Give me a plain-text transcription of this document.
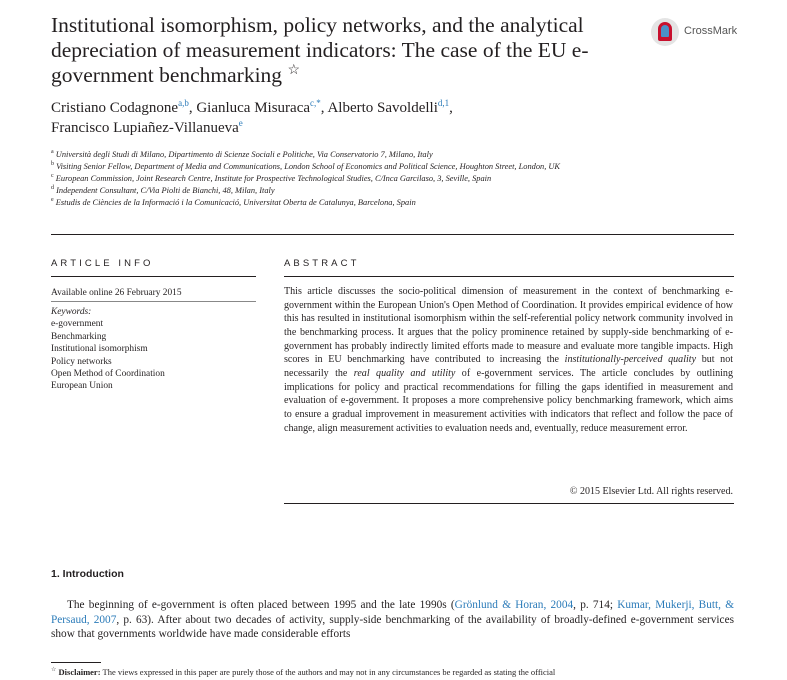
Institutional isomorphism, policy networks, and the analytical depreciation of measurement indicators: The case of the EU e-government benchmarking ☆
CrossMark
Cristiano Codagnone$^{a,b}$, Gianluca Misuraca$^{c,*}$, Alberto Savoldelli$^{d,1}$,
Francisco Lupiañez-Villanueva$^e$
$^a$ Università degli Studi di Milano, Dipartimento di Scienze Sociali e Politiche, Via Conservatorio 7, Milano, Italy
$^b$ Visiting Senior Fellow, Department of Media and Communications, London School of Economics and Political Science, Houghton Street, London, UK
$^c$ European Commission, Joint Research Centre, Institute for Prospective Technological Studies, C/Inca Garcilaso, 3, Seville, Spain
$^d$ Independent Consultant, C/Via Piolti de Bianchi, 48, Milan, Italy
$^e$ Estudis de Ciències de la Informació i la Comunicació, Universitat Oberta de Catalunya, Barcelona, Spain
ARTICLE INFO
Available online 26 February 2015
Keywords:
e-government
Benchmarking
Institutional isomorphism
Policy networks
Open Method of Coordination
European Union
ABSTRACT
This article discusses the socio-political dimension of measurement in the context of benchmarking e-government within the European Union's Open Method of Coordination. It provides empirical evidence of how this has resulted in institutional isomorphism within the self-referential policy network community involved in the benchmarking process. It argues that the policy prominence retained by supply-side benchmarking of e-government has probably indirectly limited efforts made to measure and evaluate more tangible impacts. High scores in EU benchmarking have contributed to increasing the institutionally-perceived quality but not necessarily the real quality and utility of e-government services. The article concludes by outlining implications for policy and practical recommendations for filling the gaps identified in measurement and evaluation of e-government. It proposes a more comprehensive policy benchmarking framework, which aims to ensure a gradual improvement in measurement activities with indicators that reflect and follow the pace of change, align measurement activities to evaluation needs and, eventually, reduce measurement error.
© 2015 Elsevier Ltd. All rights reserved.
1. Introduction
The beginning of e-government is often placed between 1995 and the late 1990s (Grönlund & Horan, 2004, p. 714; Kumar, Mukerji, Butt, & Persaud, 2007, p. 63). After about two decades of activity, supply-side benchmarking of the availability of broadly-defined e-government services show that governments worldwide have made considerable efforts
☆ Disclaimer: The views expressed in this paper are purely those of the authors and may not in any circumstances be regarded as stating the official
